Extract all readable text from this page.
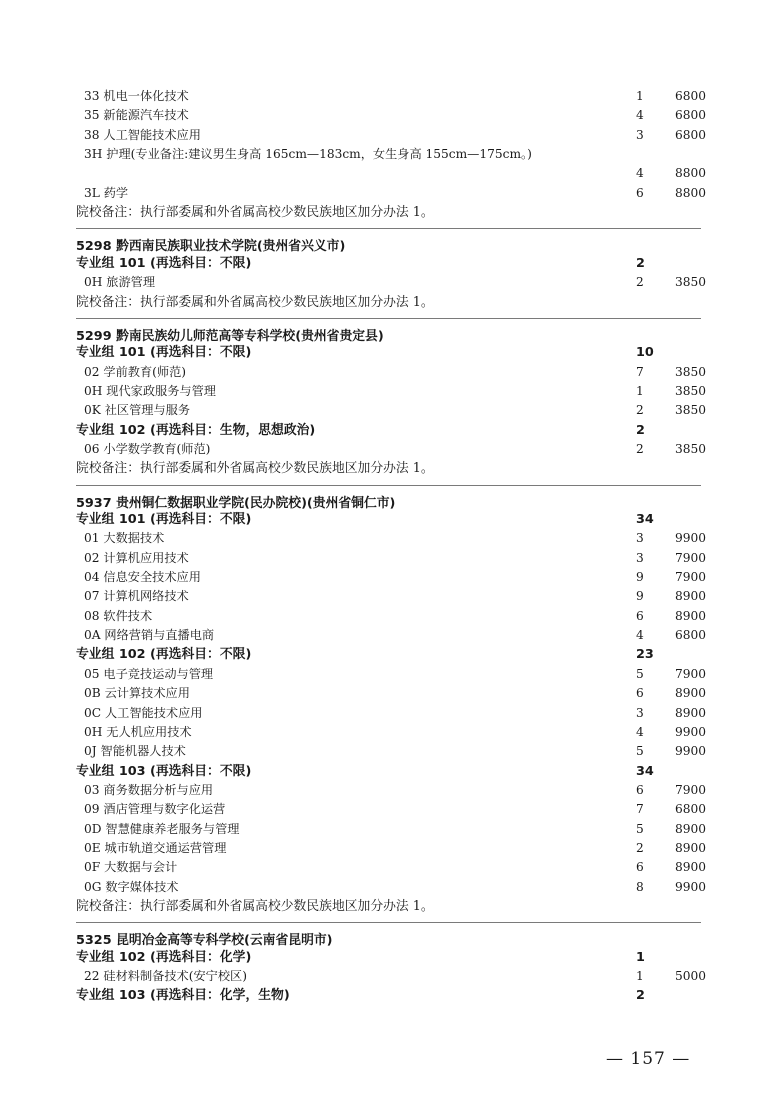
33 机电一体化技术	1	6800
35 新能源汽车技术	4	6800
38 人工智能技术应用	3	6800
3H 护理(专业备注:建议男生身高 165cm—183cm，女生身高 155cm—175cm。)
4	8800
3L 药学	6	8800
院校备注：执行部委属和外省属高校少数民族地区加分办法 1。
5298 黔西南民族职业技术学院(贵州省兴义市)
专业组 101 (再选科目：不限)	2
0H 旅游管理	2	3850
院校备注：执行部委属和外省属高校少数民族地区加分办法 1。
5299 黔南民族幼儿师范高等专科学校(贵州省贵定县)
专业组 101 (再选科目：不限)	10
02 学前教育(师范)	7	3850
0H 现代家政服务与管理	1	3850
0K 社区管理与服务	2	3850
专业组 102 (再选科目：生物，思想政治)	2
06 小学数学教育(师范)	2	3850
院校备注：执行部委属和外省属高校少数民族地区加分办法 1。
5937 贵州铜仁数据职业学院(民办院校)(贵州省铜仁市)
专业组 101 (再选科目：不限)	34
01 大数据技术	3	9900
02 计算机应用技术	3	7900
04 信息安全技术应用	9	7900
07 计算机网络技术	9	8900
08 软件技术	6	8900
0A 网络营销与直播电商	4	6800
专业组 102 (再选科目：不限)	23
05 电子竞技运动与管理	5	7900
0B 云计算技术应用	6	8900
0C 人工智能技术应用	3	8900
0H 无人机应用技术	4	9900
0J 智能机器人技术	5	9900
专业组 103 (再选科目：不限)	34
03 商务数据分析与应用	6	7900
09 酒店管理与数字化运营	7	6800
0D 智慧健康养老服务与管理	5	8900
0E 城市轨道交通运营管理	2	8900
0F 大数据与会计	6	8900
0G 数字媒体技术	8	9900
院校备注：执行部委属和外省属高校少数民族地区加分办法 1。
5325 昆明冶金高等专科学校(云南省昆明市)
专业组 102 (再选科目：化学)	1
22 硅材料制备技术(安宁校区)	1	5000
专业组 103 (再选科目：化学，生物)	2
— 157 —
